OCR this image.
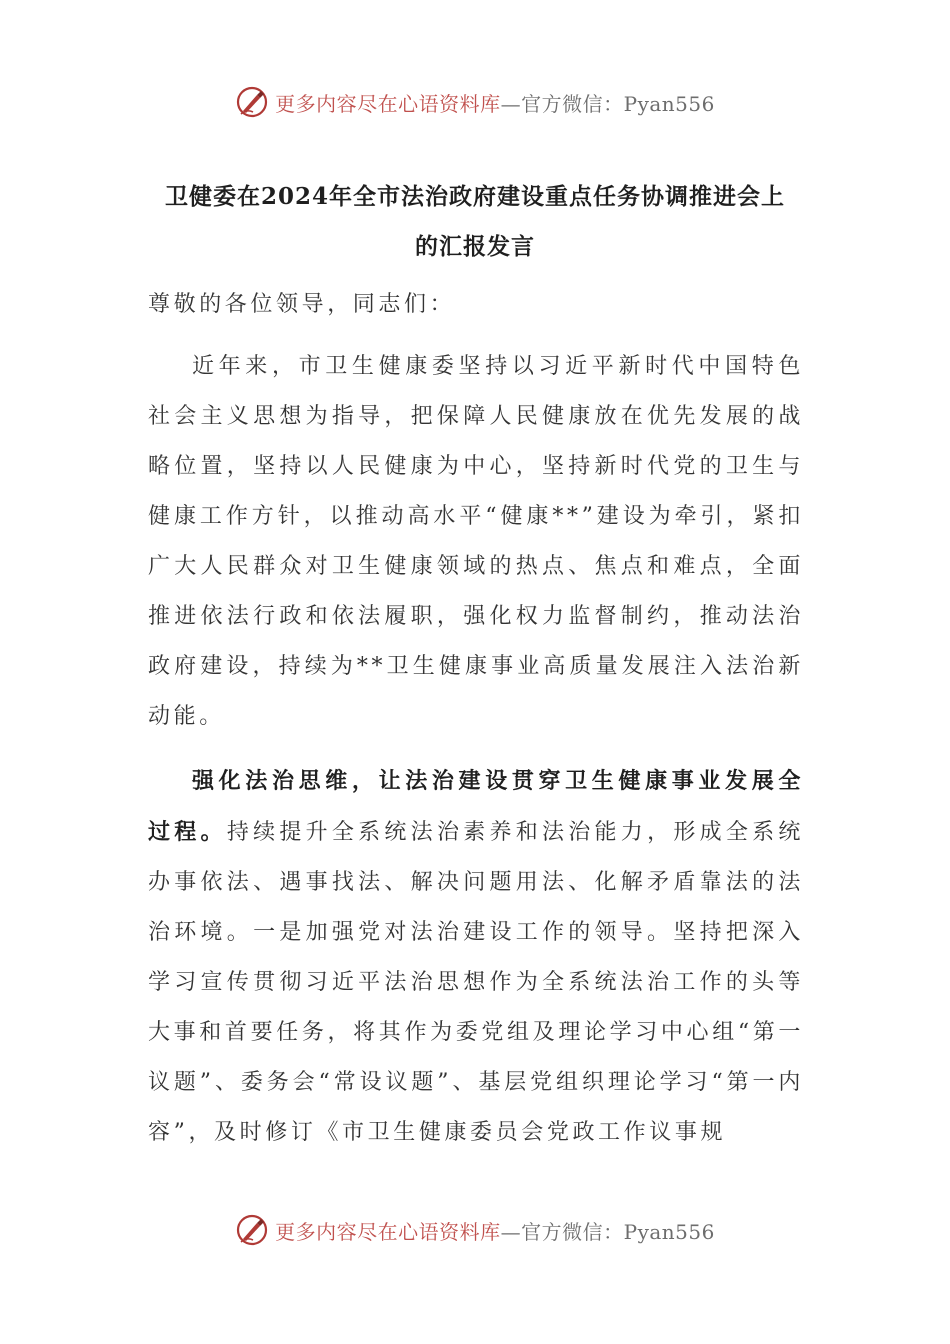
更多内容尽在心语资料库—官方微信：Pyan556
卫健委在2024年全市法治政府建设重点任务协调推进会上
的汇报发言

尊敬的各位领导，同志们：

近年来，市卫生健康委坚持以习近平新时代中国特色社会主义思想为指导，把保障人民健康放在优先发展的战略位置，坚持以人民健康为中心，坚持新时代党的卫生与健康工作方针，以推动高水平“健康**”建设为牵引，紧扣广大人民群众对卫生健康领域的热点、焦点和难点，全面推进依法行政和依法履职，强化权力监督制约，推动法治政府建设，持续为**卫生健康事业高质量发展注入法治新动能。

强化法治思维，让法治建设贯穿卫生健康事业发展全过程。持续提升全系统法治素养和法治能力，形成全系统办事依法、遇事找法、解决问题用法、化解矛盾靠法的法治环境。一是加强党对法治建设工作的领导。坚持把深入学习宣传贯彻习近平法治思想作为全系统法治工作的头等大事和首要任务，将其作为委党组及理论学习中心组“第一议题”、委务会“常设议题”、基层党组织理论学习“第一内容”，及时修订《市卫生健康委员会党政工作议事规

更多内容尽在心语资料库—官方微信：Pyan556
